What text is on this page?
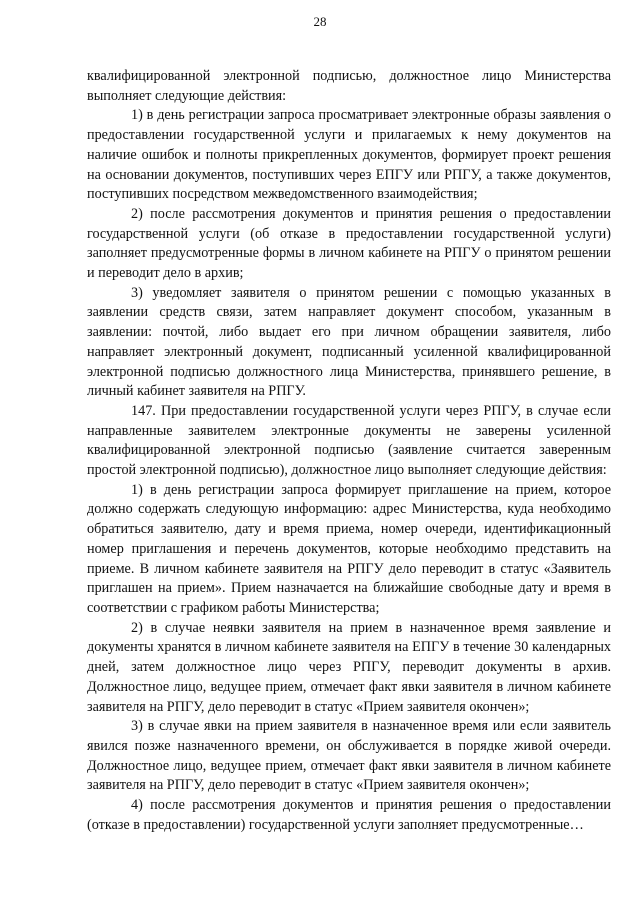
28

квалифицированной электронной подписью, должностное лицо Министерства выполняет следующие действия:

1) в день регистрации запроса просматривает электронные образы заявления о предоставлении государственной услуги и прилагаемых к нему документов на наличие ошибок и полноты прикрепленных документов, формирует проект решения на основании документов, поступивших через ЕПГУ или РПГУ, а также документов, поступивших посредством межведомственного взаимодействия;

2) после рассмотрения документов и принятия решения о предоставлении государственной услуги (об отказе в предоставлении государственной услуги) заполняет предусмотренные формы в личном кабинете на РПГУ о принятом решении и переводит дело в архив;

3) уведомляет заявителя о принятом решении с помощью указанных в заявлении средств связи, затем направляет документ способом, указанным в заявлении: почтой, либо выдает его при личном обращении заявителя, либо направляет электронный документ, подписанный усиленной квалифицированной электронной подписью должностного лица Министерства, принявшего решение, в личный кабинет заявителя на РПГУ.

147. При предоставлении государственной услуги через РПГУ, в случае если направленные заявителем электронные документы не заверены усиленной квалифицированной электронной подписью (заявление считается заверенным простой электронной подписью), должностное лицо выполняет следующие действия:

1) в день регистрации запроса формирует приглашение на прием, которое должно содержать следующую информацию: адрес Министерства, куда необходимо обратиться заявителю, дату и время приема, номер очереди, идентификационный номер приглашения и перечень документов, которые необходимо представить на приеме. В личном кабинете заявителя на РПГУ дело переводит в статус «Заявитель приглашен на прием». Прием назначается на ближайшие свободные дату и время в соответствии с графиком работы Министерства;

2) в случае неявки заявителя на прием в назначенное время заявление и документы хранятся в личном кабинете заявителя на ЕПГУ в течение 30 календарных дней, затем должностное лицо через РПГУ, переводит документы в архив. Должностное лицо, ведущее прием, отмечает факт явки заявителя в личном кабинете заявителя на РПГУ, дело переводит в статус «Прием заявителя окончен»;

3) в случае явки на прием заявителя в назначенное время или если заявитель явился позже назначенного времени, он обслуживается в порядке живой очереди. Должностное лицо, ведущее прием, отмечает факт явки заявителя в личном кабинете заявителя на РПГУ, дело переводит в статус «Прием заявителя окончен»;

4) после рассмотрения документов и принятия решения о предоставлении (отказе в предоставлении) государственной услуги заполняет предусмотренные…
